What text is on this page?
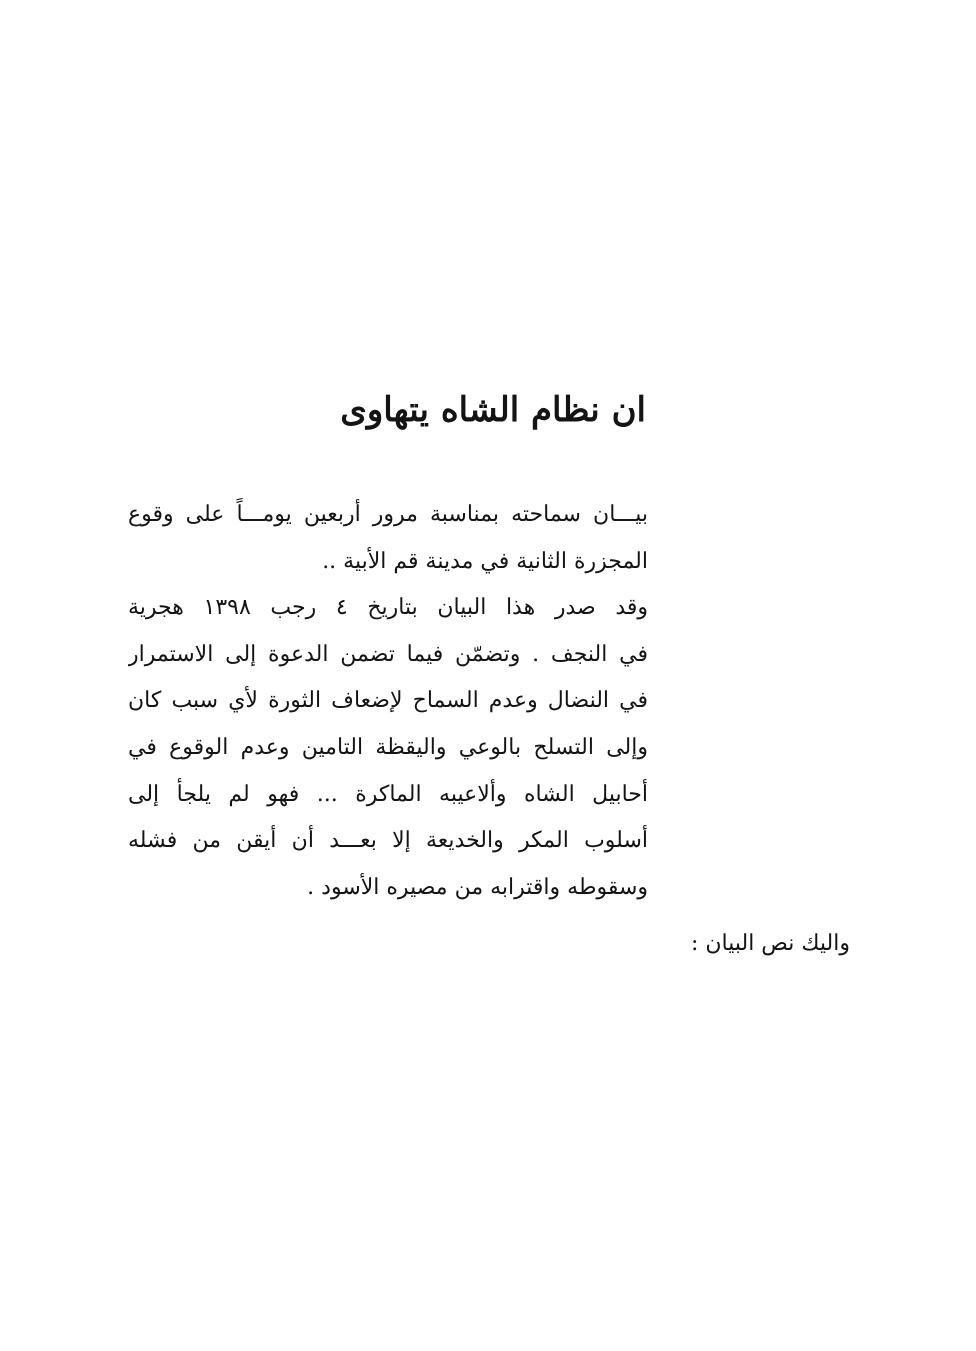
ان نظام الشاه يتهاوى
بيـــان سماحته بمناسبة مرور أربعين يومـــاً على وقوع
المجزرة الثانية في مدينة قم الأبية ..
وقد صدر هذا البيان بتاريخ ٤ رجب ١٣٩٨ هجرية
في النجف . وتضمّن فيما تضمن الدعوة إلى الاستمرار
في النضال وعدم السماح لإضعاف الثورة لأي سبب كان
وإلى التسلح بالوعي واليقظة التامين وعدم الوقوع في
أحابيل الشاه وألاعيبه الماكرة ... فهو لم يلجأ إلى
أسلوب المكر والخديعة إلا بعـــد أن أيقن من فشله
وسقوطه واقترابه من مصيره الأسود .
واليك نص البيان :
